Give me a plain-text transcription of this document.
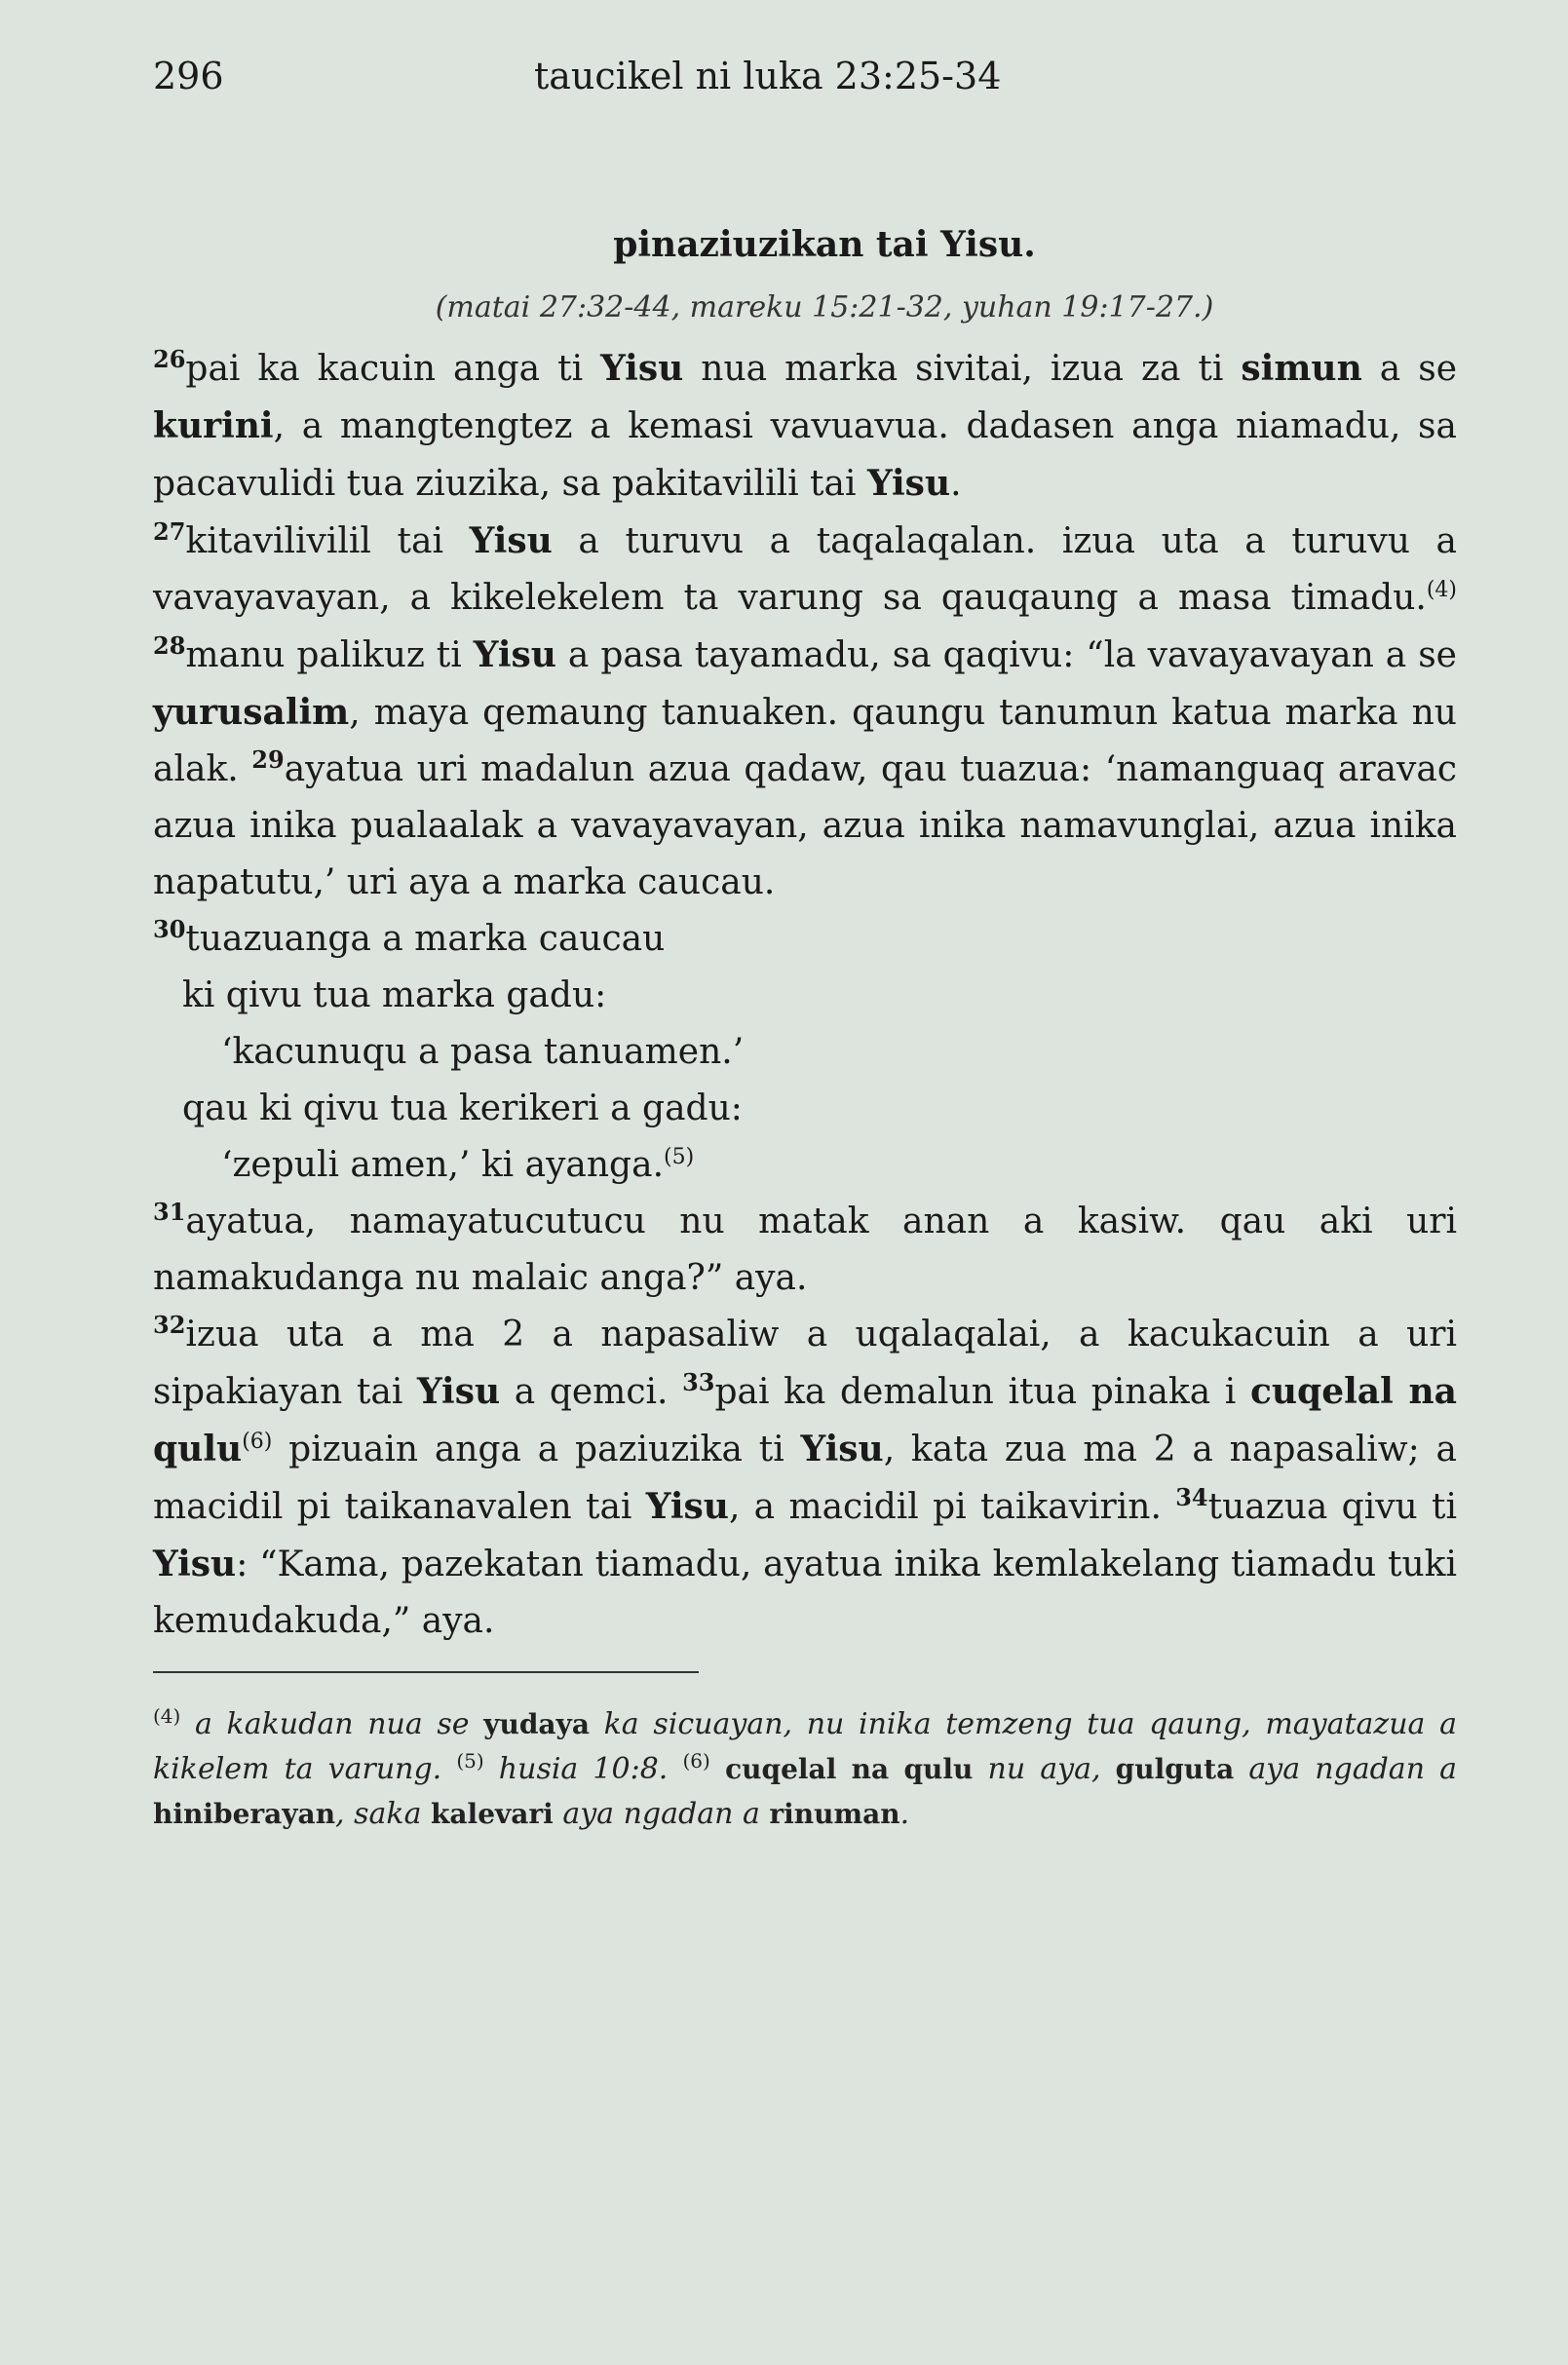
296	taucikel ni luka 23:25-34

pinaziuzikan tai Yisu.

(matai 27:32-44, mareku 15:21-32, yuhan 19:17-27.)

$^{26}$pai ka kacuin anga ti Yisu nua marka sivitai, izua za ti simun a se kurini, a mangtengtez a kemasi vavuavua. dadasen anga niamadu, sa pacavulidi tua ziuzika, sa pakitavilili tai Yisu.

$^{27}$kitavilivilil tai Yisu a turuvu a taqalaqalan. izua uta a turuvu a vavayavayan, a kikelekelem ta varung sa qauqaung a masa timadu.$^{(4)}$ $^{28}$manu palikuz ti Yisu a pasa tayamadu, sa qaqivu: “la vavayavayan a se yurusalim, maya qemaung tanuaken. qaungu tanumun katua marka nu alak. $^{29}$ayatua uri madalun azua qadaw, qau tuazua: ‘namanguaq aravac azua inika pualaalak a vavayavayan, azua inika namavunglai, azua inika napatutu,’ uri aya a marka caucau.

$^{30}$tuazuanga a marka caucau

ki qivu tua marka gadu:

‘kacunuqu a pasa tanuamen.’

qau ki qivu tua kerikeri a gadu:

‘zepuli amen,’ ki ayanga.$^{(5)}$

$^{31}$ayatua, namayatucutucu nu matak anan a kasiw. qau aki uri namakudanga nu malaic anga?” aya.

$^{32}$izua uta a ma 2 a napasaliw a uqalaqalai, a kacukacuin a uri sipakiayan tai Yisu a qemci. $^{33}$pai ka demalun itua pinaka i cuqelal na qulu$^{(6)}$ pizuain anga a paziuzika ti Yisu, kata zua ma 2 a napasaliw; a macidil pi taikanavalen tai Yisu, a macidil pi taikavirin. $^{34}$tuazua qivu ti Yisu: “Kama, pazekatan tiamadu, ayatua inika kemlakelang tiamadu tuki kemudakuda,” aya.

$^{(4)}$ a kakudan nua se yudaya ka sicuayan, nu inika temzeng tua qaung, mayatazua a kikelem ta varung. $^{(5)}$ husia 10:8. $^{(6)}$ cuqelal na qulu nu aya, gulguta aya ngadan a hiniberayan, saka kalevari aya ngadan a rinuman.
